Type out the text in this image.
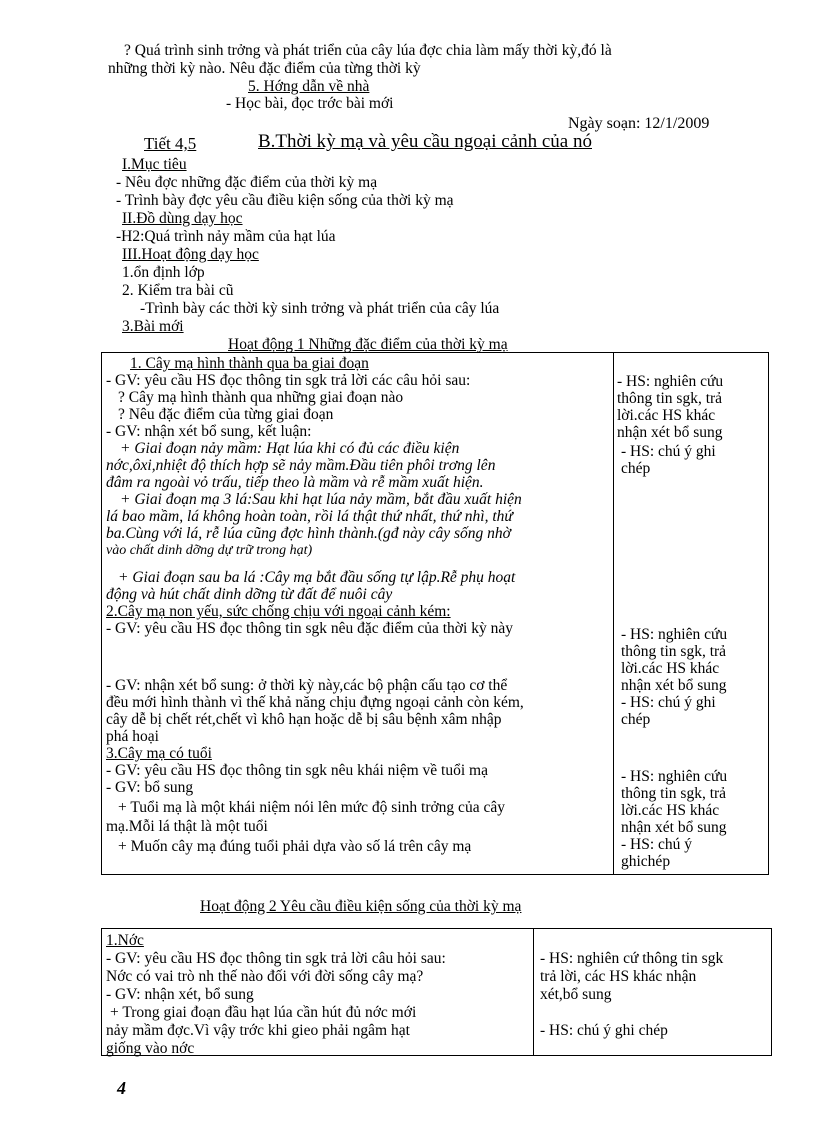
? Quá trình sinh trởng và phát triển của cây lúa đợc chia làm mấy thời kỳ,đó là
những thời kỳ nào. Nêu đặc điểm của từng thời kỳ
5. Hớng dẫn về nhà
- Học bài, đọc trớc bài mới
Ngày soạn: 12/1/2009
Tiết 4,5	B.Thời kỳ mạ và yêu cầu ngoại cảnh của nó
I.Mục tiêu
- Nêu đợc những đặc điểm của thời kỳ mạ
- Trình bày đợc yêu cầu điều kiện sống của thời kỳ mạ
II.Đồ dùng dạy học
-H2:Quá trình nảy mầm của hạt lúa
III.Hoạt động dạy học
1.ổn định lớp
2. Kiểm tra bài cũ
-Trình bày các thời kỳ sinh trởng và phát triển của cây lúa
3.Bài mới
Hoạt động 1 Những đặc điểm của thời kỳ mạ
1. Cây mạ hình thành qua ba giai đoạn
- GV: yêu cầu HS đọc thông tin sgk trả lời các câu hỏi sau:
? Cây mạ hình thành qua những giai đoạn nào
? Nêu đặc điểm của từng giai đoạn
- GV: nhận xét bổ sung, kết luận:
+ Giai đoạn nảy mầm: Hạt lúa khi có đủ các điều kiện
nớc,ôxi,nhiệt độ thích hợp sẽ nảy mầm.Đầu tiên phôi trơng lên
đâm ra ngoài vỏ trấu, tiếp theo là mầm và rễ mầm xuất hiện.
+ Giai đoạn mạ 3 lá:Sau khi hạt lúa nảy mầm, bắt đầu xuất hiện
lá bao mầm, lá không hoàn toàn, rồi lá thật thứ nhất, thứ nhì, thứ
ba.Cùng với lá, rễ lúa cũng đợc hình thành.(gđ này cây sống nhờ
vào chất dinh dỡng dự trữ trong hạt)
+ Giai đoạn sau ba lá :Cây mạ bắt đầu sống tự lập.Rễ phụ hoạt
động và hút chất dinh dỡng từ đất để nuôi cây
2.Cây mạ non yếu, sức chống chịu với ngoại cảnh kém:
- GV: yêu cầu HS đọc thông tin sgk nêu đặc điểm của thời kỳ này
- GV: nhận xét bổ sung: ở thời kỳ này,các bộ phận cấu tạo cơ thể
đều mới hình thành vì thế khả năng chịu đựng ngoại cảnh còn kém,
cây dễ bị chết rét,chết vì khô hạn hoặc dễ bị sâu bệnh xâm nhập
phá hoại
3.Cây mạ có tuổi
- GV: yêu cầu HS đọc thông tin sgk nêu khái niệm về tuổi mạ
- GV: bổ sung
+ Tuổi mạ là một khái niệm nói lên mức độ sinh trởng của cây
mạ.Mỗi lá thật là một tuổi
+ Muốn cây mạ đúng tuổi phải dựa vào số lá trên cây mạ
- HS: nghiên cứu
thông tin sgk, trả
lời.các HS khác
nhận xét bổ sung
- HS: chú ý ghi
chép
- HS: nghiên cứu
thông tin sgk, trả
lời.các HS khác
nhận xét bổ sung
- HS: chú ý ghi
chép
- HS: nghiên cứu
thông tin sgk, trả
lời.các HS khác
nhận xét bổ sung
- HS: chú ý
ghichép
Hoạt động 2 Yêu cầu điều kiện sống của thời kỳ mạ
1.Nớc
- GV: yêu cầu HS đọc thông tin sgk trả lời câu hỏi sau:
Nớc có vai trò nh thế nào đối với đời sống cây mạ?
- GV: nhận xét, bổ sung
+ Trong giai đoạn đầu hạt lúa cần hút đủ nớc mới
nảy mầm đợc.Vì vậy trớc khi gieo phải ngâm hạt
giống vào nớc
- HS: nghiên cứ thông tin sgk
trả lời, các HS khác nhận
xét,bổ sung
- HS: chú ý ghi chép
4
